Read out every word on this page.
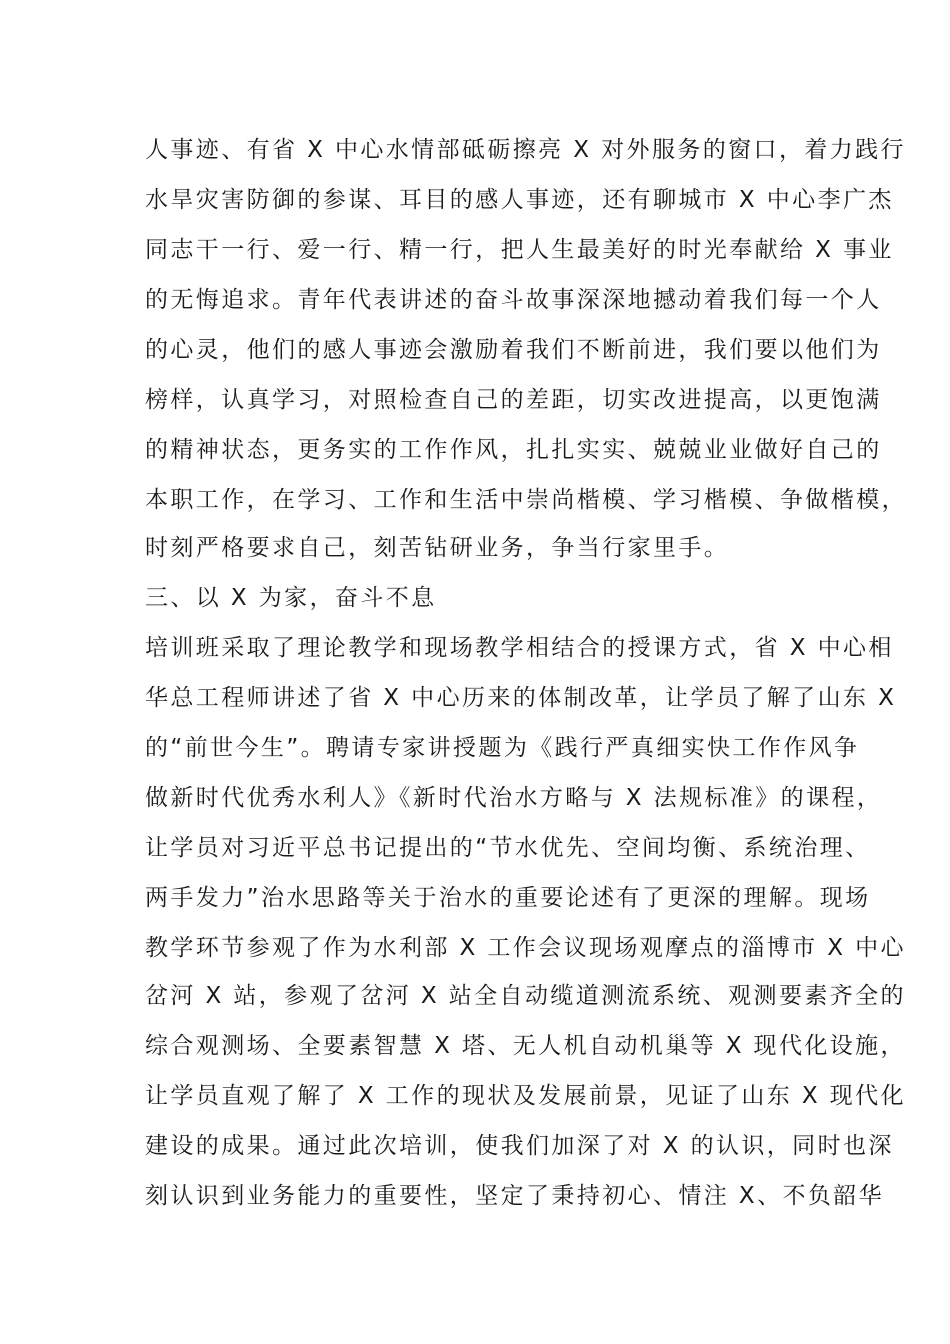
人事迹、有省 X 中心水情部砥砺擦亮 X 对外服务的窗口，着力践行

水旱灾害防御的参谋、耳目的感人事迹，还有聊城市 X 中心李广杰

同志干一行、爱一行、精一行，把人生最美好的时光奉献给 X 事业

的无悔追求。青年代表讲述的奋斗故事深深地撼动着我们每一个人

的心灵，他们的感人事迹会激励着我们不断前进，我们要以他们为

榜样，认真学习，对照检查自己的差距，切实改进提高，以更饱满

的精神状态，更务实的工作作风，扎扎实实、兢兢业业做好自己的

本职工作，在学习、工作和生活中崇尚楷模、学习楷模、争做楷模，

时刻严格要求自己，刻苦钻研业务，争当行家里手。

三、以 X 为家，奋斗不息

培训班采取了理论教学和现场教学相结合的授课方式，省 X 中心相

华总工程师讲述了省 X 中心历来的体制改革，让学员了解了山东 X

的“前世今生”。聘请专家讲授题为《践行严真细实快工作作风争

做新时代优秀水利人》《新时代治水方略与 X 法规标准》的课程，

让学员对习近平总书记提出的“节水优先、空间均衡、系统治理、

两手发力”治水思路等关于治水的重要论述有了更深的理解。现场

教学环节参观了作为水利部 X 工作会议现场观摩点的淄博市 X 中心

岔河 X 站，参观了岔河 X 站全自动缆道测流系统、观测要素齐全的

综合观测场、全要素智慧 X 塔、无人机自动机巢等 X 现代化设施，

让学员直观了解了 X 工作的现状及发展前景，见证了山东 X 现代化

建设的成果。通过此次培训，使我们加深了对 X 的认识，同时也深

刻认识到业务能力的重要性，坚定了秉持初心、情注 X、不负韶华
